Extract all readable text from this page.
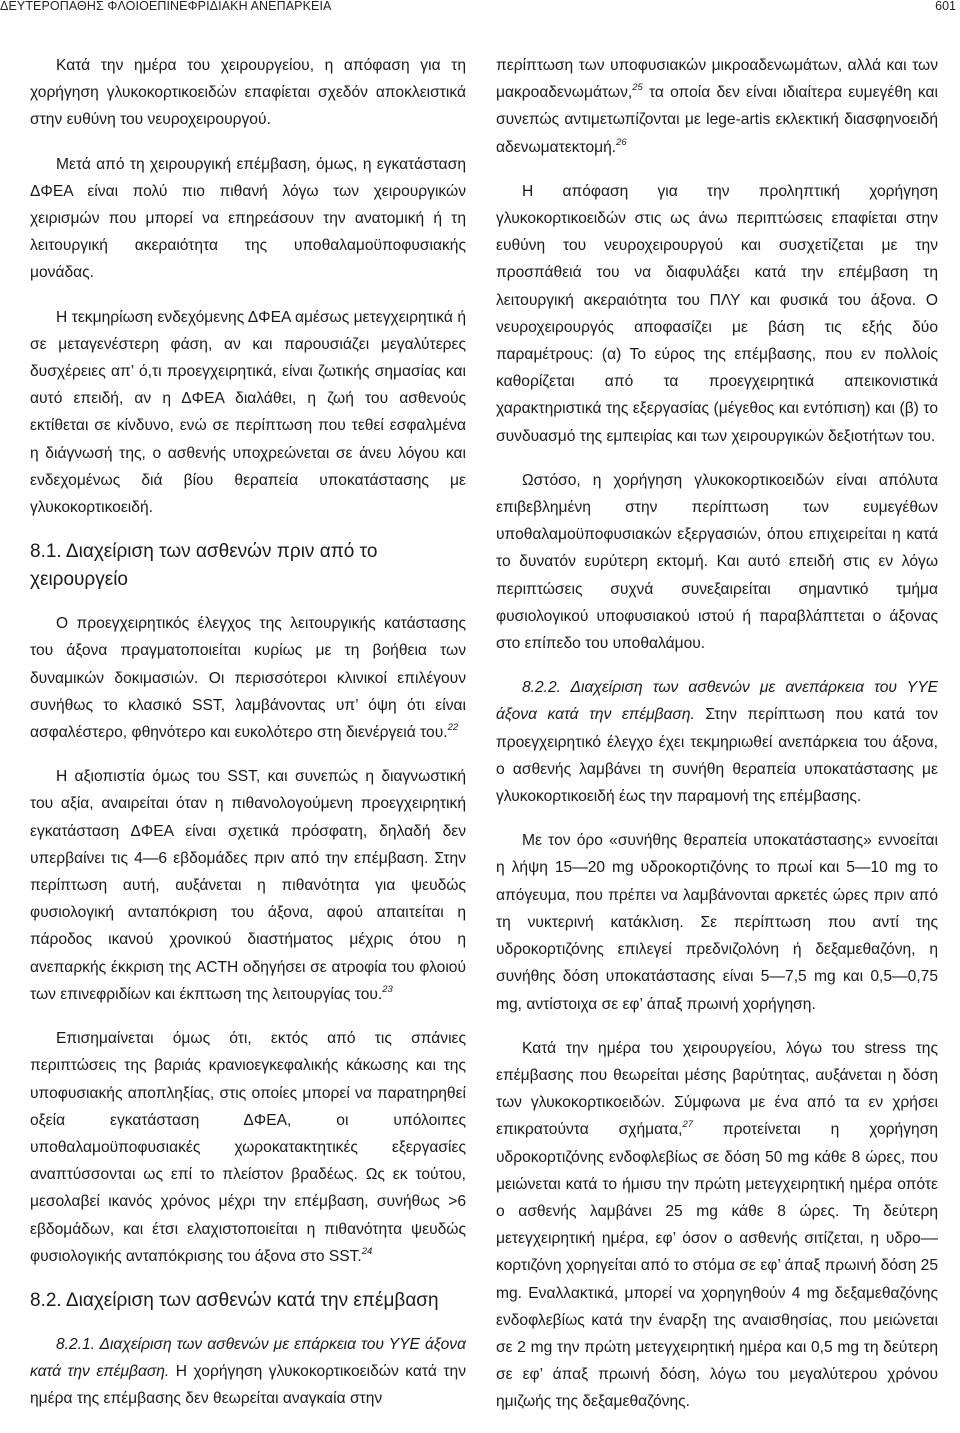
ΔΕΥΤΕΡΟΠΑΘΗΣ ΦΛΟΙΟΕΠΙΝΕΦΡΙΔΙΑΚΗ ΑΝΕΠΑΡΚΕΙΑ	601

Κατά την ημέρα του χειρουργείου, η απόφαση για τη χορήγηση γλυκοκορτικοειδών επαφίεται σχεδόν αποκλειστικά στην ευθύνη του νευροχειρουργού.

Μετά από τη χειρουργική επέμβαση, όμως, η εγκατάσταση ΔΦΕΑ είναι πολύ πιο πιθανή λόγω των χειρουργικών χειρισμών που μπορεί να επηρεάσουν την ανατομική ή τη λειτουργική ακεραιότητα της υποθαλαμοϋποφυσιακής μονάδας.

Η τεκμηρίωση ενδεχόμενης ΔΦΕΑ αμέσως μετεγχειρητικά ή σε μεταγενέστερη φάση, αν και παρουσιάζει μεγαλύτερες δυσχέρειες απ’ ό,τι προεγχειρητικά, είναι ζωτικής σημασίας και αυτό επειδή, αν η ΔΦΕΑ διαλάθει, η ζωή του ασθενούς εκτίθεται σε κίνδυνο, ενώ σε περίπτωση που τεθεί εσφαλμένα η διάγνωσή της, ο ασθενής υποχρεώνεται σε άνευ λόγου και ενδεχομένως διά βίου θεραπεία υποκατάστασης με γλυκοκορτικοειδή.

8.1. Διαχείριση των ασθενών πριν από το χειρουργείο

Ο προεγχειρητικός έλεγχος της λειτουργικής κατάστασης του άξονα πραγματοποιείται κυρίως με τη βοήθεια των δυναμικών δοκιμασιών. Οι περισσότεροι κλινικοί επιλέγουν συνήθως το κλασικό SST, λαμβάνοντας υπ’ όψη ότι είναι ασφαλέστερο, φθηνότερο και ευκολότερο στη διενέργειά του.$^{22}$

Η αξιοπιστία όμως του SST, και συνεπώς η διαγνωστική του αξία, αναιρείται όταν η πιθανολογούμενη προεγχειρητική εγκατάσταση ΔΦΕΑ είναι σχετικά πρόσφατη, δηλαδή δεν υπερβαίνει τις 4—6 εβδομάδες πριν από την επέμβαση. Στην περίπτωση αυτή, αυξάνεται η πιθανότητα για ψευδώς φυσιολογική ανταπόκριση του άξονα, αφού απαιτείται η πάροδος ικανού χρονικού διαστήματος μέχρις ότου η ανεπαρκής έκκριση της ACTH οδηγήσει σε ατροφία του φλοιού των επινεφριδίων και έκπτωση της λειτουργίας του.$^{23}$

Επισημαίνεται όμως ότι, εκτός από τις σπάνιες περιπτώσεις της βαριάς κρανιοεγκεφαλικής κάκωσης και της υποφυσιακής αποπληξίας, στις οποίες μπορεί να παρατηρηθεί οξεία εγκατάσταση ΔΦΕΑ, οι υπόλοιπες υποθαλαμοϋποφυσιακές χωροκατακτητικές εξεργασίες αναπτύσσονται ως επί το πλείστον βραδέως. Ως εκ τούτου, μεσολαβεί ικανός χρόνος μέχρι την επέμβαση, συνήθως >6 εβδομάδων, και έτσι ελαχιστοποιείται η πιθανότητα ψευδώς φυσιολογικής ανταπόκρισης του άξονα στο SST.$^{24}$

8.2. Διαχείριση των ασθενών κατά την επέμβαση

8.2.1. Διαχείριση των ασθενών με επάρκεια του ΥΥΕ άξονα κατά την επέμβαση. Η χορήγηση γλυκοκορτικοειδών κατά την ημέρα της επέμβασης δεν θεωρείται αναγκαία στην

περίπτωση των υποφυσιακών μικροαδενωμάτων, αλλά και των μακροαδενωμάτων,$^{25}$ τα οποία δεν είναι ιδιαίτερα ευμεγέθη και συνεπώς αντιμετωπίζονται με lege-artis εκλεκτική διασφηνοειδή αδενωματεκτομή.$^{26}$

Η απόφαση για την προληπτική χορήγηση γλυκοκορτικοειδών στις ως άνω περιπτώσεις επαφίεται στην ευθύνη του νευροχειρουργού και συσχετίζεται με την προσπάθειά του να διαφυλάξει κατά την επέμβαση τη λειτουργική ακεραιότητα του ΠΛΥ και φυσικά του άξονα. Ο νευροχειρουργός αποφασίζει με βάση τις εξής δύο παραμέτρους: (α) Το εύρος της επέμβασης, που εν πολλοίς καθορίζεται από τα προεγχειρητικά απεικονιστικά χαρακτηριστικά της εξεργασίας (μέγεθος και εντόπιση) και (β) το συνδυασμό της εμπειρίας και των χειρουργικών δεξιοτήτων του.

Ωστόσο, η χορήγηση γλυκοκορτικοειδών είναι απόλυτα επιβεβλημένη στην περίπτωση των ευμεγέθων υποθαλαμοϋποφυσιακών εξεργασιών, όπου επιχειρείται η κατά το δυνατόν ευρύτερη εκτομή. Και αυτό επειδή στις εν λόγω περιπτώσεις συχνά συνεξαιρείται σημαντικό τμήμα φυσιολογικού υποφυσιακού ιστού ή παραβλάπτεται ο άξονας στο επίπεδο του υποθαλάμου.

8.2.2. Διαχείριση των ασθενών με ανεπάρκεια του ΥΥΕ άξονα κατά την επέμβαση. Στην περίπτωση που κατά τον προεγχειρητικό έλεγχο έχει τεκμηριωθεί ανεπάρκεια του άξονα, ο ασθενής λαμβάνει τη συνήθη θεραπεία υποκατάστασης με γλυκοκορτικοειδή έως την παραμονή της επέμβασης.

Με τον όρο «συνήθης θεραπεία υποκατάστασης» εννοείται η λήψη 15—20 mg υδροκορτιζόνης το πρωί και 5—10 mg το απόγευμα, που πρέπει να λαμβάνονται αρκετές ώρες πριν από τη νυκτερινή κατάκλιση. Σε περίπτωση που αντί της υδροκορτιζόνης επιλεγεί πρεδνιζολόνη ή δεξαμεθαζόνη, η συνήθης δόση υποκατάστασης είναι 5—7,5 mg και 0,5—0,75 mg, αντίστοιχα σε εφ’ άπαξ πρωινή χορήγηση.

Κατά την ημέρα του χειρουργείου, λόγω του stress της επέμβασης που θεωρείται μέσης βαρύτητας, αυξάνεται η δόση των γλυκοκορτικοειδών. Σύμφωνα με ένα από τα εν χρήσει επικρατούντα σχήματα,$^{27}$ προτείνεται η χορήγηση υδροκορτιζόνης ενδοφλεβίως σε δόση 50 mg κάθε 8 ώρες, που μειώνεται κατά το ήμισυ την πρώτη μετεγχειρητική ημέρα οπότε ο ασθενής λαμβάνει 25 mg κάθε 8 ώρες. Τη δεύτερη μετεγχειρητική ημέρα, εφ’ όσον ο ασθενής σιτίζεται, η υδρο––κορτιζόνη χορηγείται από το στόμα σε εφ’ άπαξ πρωινή δόση 25 mg. Εναλλακτικά, μπορεί να χορηγηθούν 4 mg δεξαμεθαζόνης ενδοφλεβίως κατά την έναρξη της αναισθησίας, που μειώνεται σε 2 mg την πρώτη μετεγχειρητική ημέρα και 0,5 mg τη δεύτερη σε εφ’ άπαξ πρωινή δόση, λόγω του μεγαλύτερου χρόνου ημιζωής της δεξαμεθαζόνης.
